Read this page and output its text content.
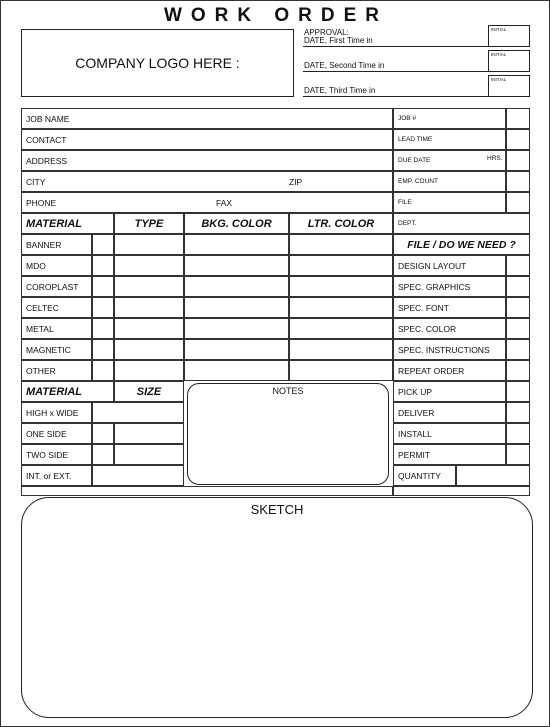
WORK ORDER
COMPANY LOGO HERE :
APPROVAL:
DATE, First Time in
INITIAL
DATE, Second Time in
INITIAL
DATE, Third Time in
INITIAL
JOB NAME
CONTACT
ADDRESS
CITY	ZIP
PHONE	FAX
JOB #
LEAD TIME
DUE DATE	HRS.
EMP. COUNT
FILE
DEPT.
MATERIAL	TYPE	BKG. COLOR	LTR. COLOR
BANNER
MDO
COROPLAST
CELTEC
METAL
MAGNETIC
OTHER
FILE / DO WE NEED ?
DESIGN LAYOUT
SPEC. GRAPHICS
SPEC. FONT
SPEC. COLOR
SPEC. INSTRUCTIONS
REPEAT ORDER
PICK UP
DELIVER
INSTALL
PERMIT
QUANTITY
MATERIAL	SIZE
HIGH x WIDE
ONE SIDE
TWO SIDE
INT. or EXT.
NOTES
SKETCH
